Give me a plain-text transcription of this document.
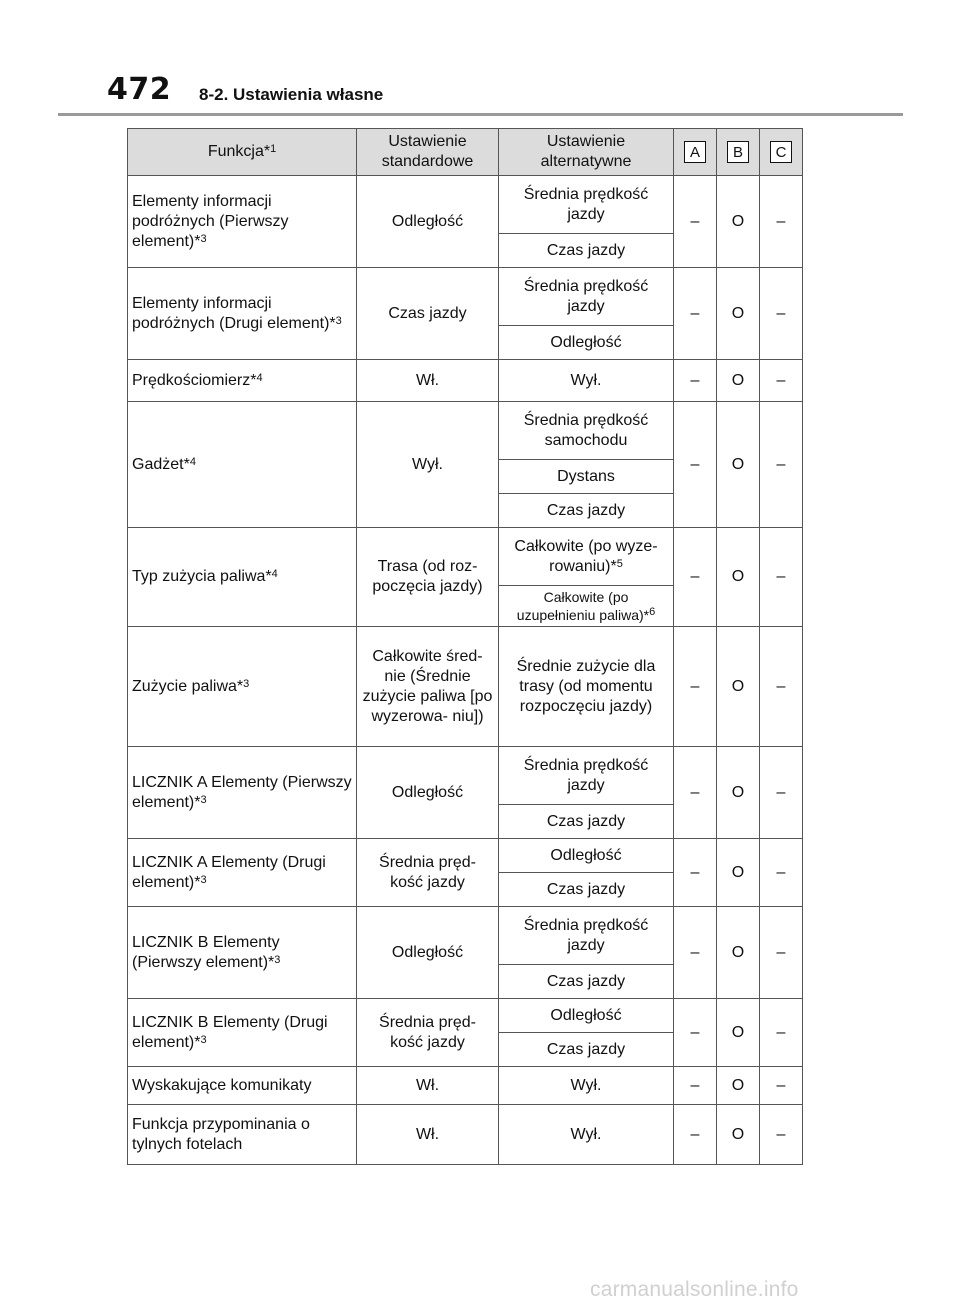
472 8-2. Ustawienia własne
Funkcja*$^1$	Ustawienie standardowe	Ustawienie alternatywne	A	B	C
Elementy informacji podróżnych (Pierwszy element)*$^3$	Odległość	Średnia prędkość jazdy	–	O	–
		Czas jazdy			
Elementy informacji podróżnych (Drugi element)*$^3$	Czas jazdy	Średnia prędkość jazdy	–	O	–
		Odległość			
Prędkościomierz*$^4$	Wł.	Wył.	–	O	–
Gadżet*$^4$	Wył.	Średnia prędkość samochodu	–	O	–
		Dystans			
		Czas jazdy			
Typ zużycia paliwa*$^4$	Trasa (od roz- poczęcia jazdy)	Całkowite (po wyze- rowaniu)*$^5$	–	O	–
		Całkowite (po uzupełnieniu paliwa)*$^6$
Zużycie paliwa*$^3$	Całkowite śred- nie (Średnie zużycie paliwa [po wyzerowa- niu])	Średnie zużycie dla trasy (od momentu rozpoczęciu jazdy)	–	O	–
LICZNIK A Elementy (Pierwszy element)*$^3$	Odległość	Średnia prędkość jazdy	–	O	–
		Czas jazdy			
LICZNIK A Elementy (Drugi element)*$^3$	Średnia pręd- kość jazdy	Odległość	–	O	–
		Czas jazdy			
LICZNIK B Elementy (Pierwszy element)*$^3$	Odległość	Średnia prędkość jazdy	–	O	–
		Czas jazdy			
LICZNIK B Elementy (Drugi element)*$^3$	Średnia pręd- kość jazdy	Odległość	–	O	–
		Czas jazdy			
Wyskakujące komunikaty	Wł.	Wył.	–	O	–
Funkcja przypominania o tylnych fotelach	Wł.	Wył.	–	O	–
carmanualsonline.info
